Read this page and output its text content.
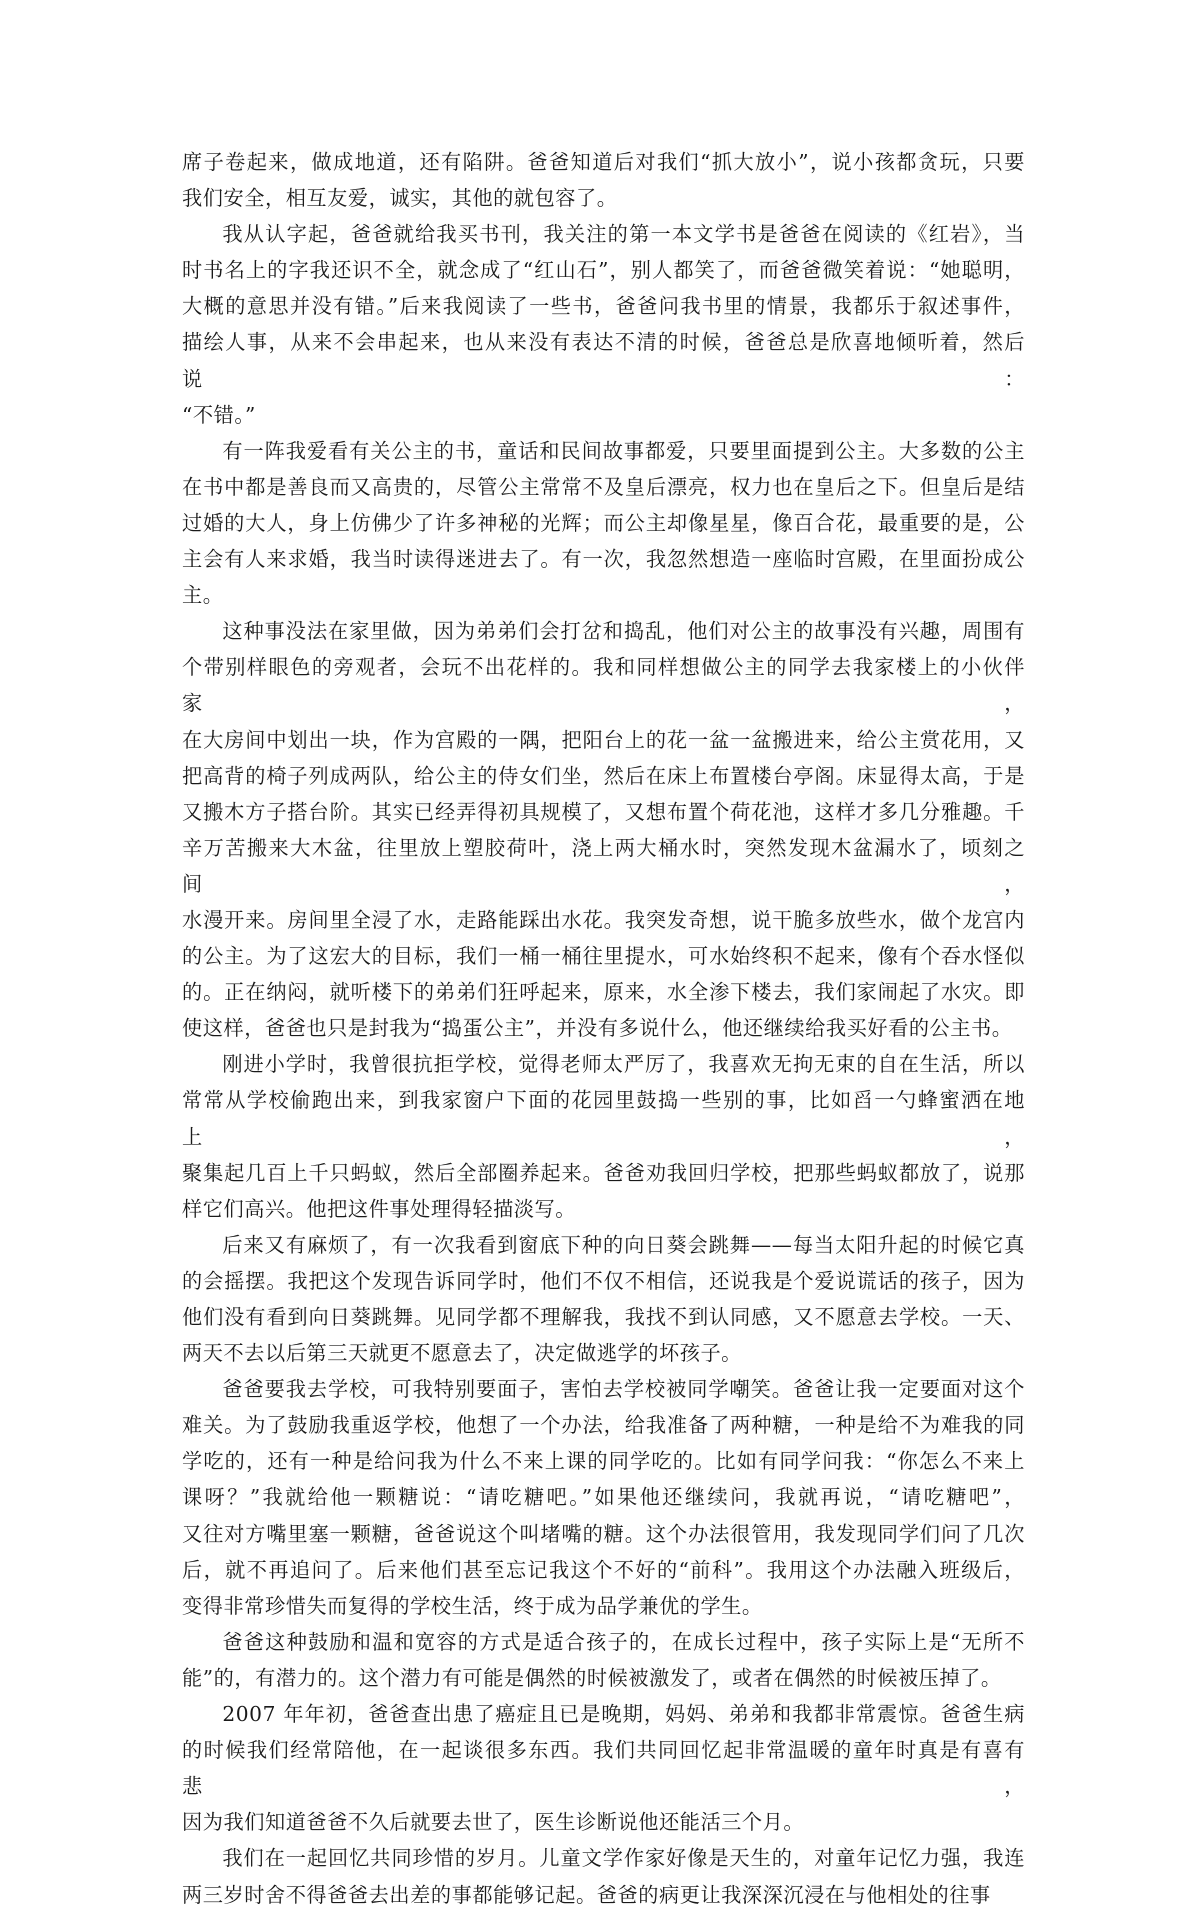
席子卷起来，做成地道，还有陷阱。爸爸知道后对我们“抓大放小”，说小孩都贪玩，只要
我们安全，相互友爱，诚实，其他的就包容了。
我从认字起，爸爸就给我买书刊，我关注的第一本文学书是爸爸在阅读的《红岩》，当
时书名上的字我还识不全，就念成了“红山石”，别人都笑了，而爸爸微笑着说：“她聪明，
大概的意思并没有错。”后来我阅读了一些书，爸爸问我书里的情景，我都乐于叙述事件，
描绘人事，从来不会串起来，也从来没有表达不清的时候，爸爸总是欣喜地倾听着，然后说：
“不错。”
有一阵我爱看有关公主的书，童话和民间故事都爱，只要里面提到公主。大多数的公主
在书中都是善良而又高贵的，尽管公主常常不及皇后漂亮，权力也在皇后之下。但皇后是结
过婚的大人，身上仿佛少了许多神秘的光辉；而公主却像星星，像百合花，最重要的是，公
主会有人来求婚，我当时读得迷进去了。有一次，我忽然想造一座临时宫殿，在里面扮成公
主。
这种事没法在家里做，因为弟弟们会打岔和捣乱，他们对公主的故事没有兴趣，周围有
个带别样眼色的旁观者，会玩不出花样的。我和同样想做公主的同学去我家楼上的小伙伴家，
在大房间中划出一块，作为宫殿的一隅，把阳台上的花一盆一盆搬进来，给公主赏花用，又
把高背的椅子列成两队，给公主的侍女们坐，然后在床上布置楼台亭阁。床显得太高，于是
又搬木方子搭台阶。其实已经弄得初具规模了，又想布置个荷花池，这样才多几分雅趣。千
辛万苦搬来大木盆，往里放上塑胶荷叶，浇上两大桶水时，突然发现木盆漏水了，顷刻之间，
水漫开来。房间里全浸了水，走路能踩出水花。我突发奇想，说干脆多放些水，做个龙宫内
的公主。为了这宏大的目标，我们一桶一桶往里提水，可水始终积不起来，像有个吞水怪似
的。正在纳闷，就听楼下的弟弟们狂呼起来，原来，水全渗下楼去，我们家闹起了水灾。即
使这样，爸爸也只是封我为“捣蛋公主”，并没有多说什么，他还继续给我买好看的公主书。
刚进小学时，我曾很抗拒学校，觉得老师太严厉了，我喜欢无拘无束的自在生活，所以
常常从学校偷跑出来，到我家窗户下面的花园里鼓捣一些别的事，比如舀一勺蜂蜜洒在地上，
聚集起几百上千只蚂蚁，然后全部圈养起来。爸爸劝我回归学校，把那些蚂蚁都放了，说那
样它们高兴。他把这件事处理得轻描淡写。
后来又有麻烦了，有一次我看到窗底下种的向日葵会跳舞——每当太阳升起的时候它真
的会摇摆。我把这个发现告诉同学时，他们不仅不相信，还说我是个爱说谎话的孩子，因为
他们没有看到向日葵跳舞。见同学都不理解我，我找不到认同感，又不愿意去学校。一天、
两天不去以后第三天就更不愿意去了，决定做逃学的坏孩子。
爸爸要我去学校，可我特别要面子，害怕去学校被同学嘲笑。爸爸让我一定要面对这个
难关。为了鼓励我重返学校，他想了一个办法，给我准备了两种糖，一种是给不为难我的同
学吃的，还有一种是给问我为什么不来上课的同学吃的。比如有同学问我：“你怎么不来上
课呀？”我就给他一颗糖说：“请吃糖吧。”如果他还继续问，我就再说，“请吃糖吧”，
又往对方嘴里塞一颗糖，爸爸说这个叫堵嘴的糖。这个办法很管用，我发现同学们问了几次
后，就不再追问了。后来他们甚至忘记我这个不好的“前科”。我用这个办法融入班级后，
变得非常珍惜失而复得的学校生活，终于成为品学兼优的学生。
爸爸这种鼓励和温和宽容的方式是适合孩子的，在成长过程中，孩子实际上是“无所不
能”的，有潜力的。这个潜力有可能是偶然的时候被激发了，或者在偶然的时候被压掉了。
2007 年年初，爸爸查出患了癌症且已是晚期，妈妈、弟弟和我都非常震惊。爸爸生病
的时候我们经常陪他，在一起谈很多东西。我们共同回忆起非常温暖的童年时真是有喜有悲，
因为我们知道爸爸不久后就要去世了，医生诊断说他还能活三个月。
我们在一起回忆共同珍惜的岁月。儿童文学作家好像是天生的，对童年记忆力强，我连
两三岁时舍不得爸爸去出差的事都能够记起。爸爸的病更让我深深沉浸在与他相处的往事
